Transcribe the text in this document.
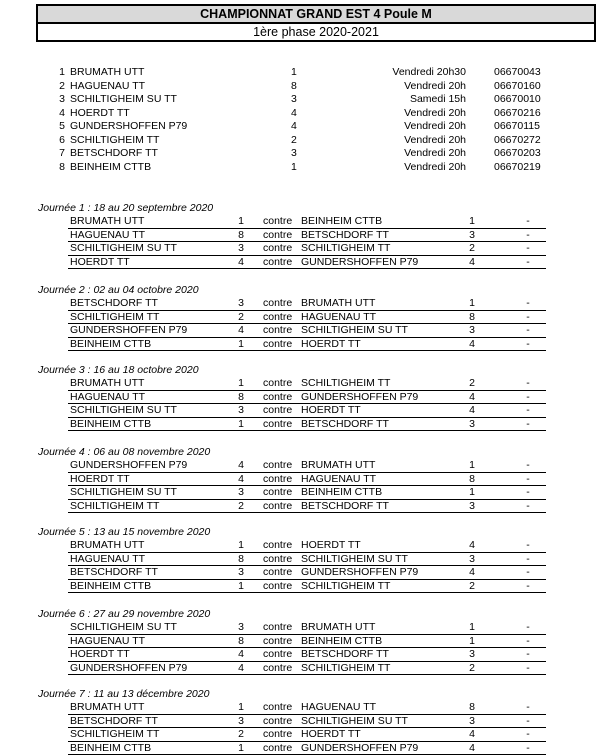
CHAMPIONNAT GRAND EST 4 Poule M
1ère phase 2020-2021
1 BRUMATH UTT	1	Vendredi 20h30	06670043
2 HAGUENAU TT	8	Vendredi 20h	06670160
3 SCHILTIGHEIM SU TT	3	Samedi 15h	06670010
4 HOERDT TT	4	Vendredi 20h	06670216
5 GUNDERSHOFFEN P79	4	Vendredi 20h	06670115
6 SCHILTIGHEIM TT	2	Vendredi 20h	06670272
7 BETSCHDORF TT	3	Vendredi 20h	06670203
8 BEINHEIM CTTB	1	Vendredi 20h	06670219
Journée 1 : 18 au 20 septembre 2020
BRUMATH UTT	1 contre BEINHEIM CTTB	1	-
HAGUENAU TT	8 contre BETSCHDORF TT	3	-
SCHILTIGHEIM SU TT	3 contre SCHILTIGHEIM TT	2	-
HOERDT TT	4 contre GUNDERSHOFFEN P79	4	-
Journée 2 : 02 au 04 octobre 2020
BETSCHDORF TT	3 contre BRUMATH UTT	1	-
SCHILTIGHEIM TT	2 contre HAGUENAU TT	8	-
GUNDERSHOFFEN P79	4 contre SCHILTIGHEIM SU TT	3	-
BEINHEIM CTTB	1 contre HOERDT TT	4	-
Journée 3 : 16 au 18 octobre 2020
BRUMATH UTT	1 contre SCHILTIGHEIM TT	2	-
HAGUENAU TT	8 contre GUNDERSHOFFEN P79	4	-
SCHILTIGHEIM SU TT	3 contre HOERDT TT	4	-
BEINHEIM CTTB	1 contre BETSCHDORF TT	3	-
Journée 4 : 06 au 08 novembre 2020
GUNDERSHOFFEN P79	4 contre BRUMATH UTT	1	-
HOERDT TT	4 contre HAGUENAU TT	8	-
SCHILTIGHEIM SU TT	3 contre BEINHEIM CTTB	1	-
SCHILTIGHEIM TT	2 contre BETSCHDORF TT	3	-
Journée 5 : 13 au 15 novembre 2020
BRUMATH UTT	1 contre HOERDT TT	4	-
HAGUENAU TT	8 contre SCHILTIGHEIM SU TT	3	-
BETSCHDORF TT	3 contre GUNDERSHOFFEN P79	4	-
BEINHEIM CTTB	1 contre SCHILTIGHEIM TT	2	-
Journée 6 : 27 au 29 novembre 2020
SCHILTIGHEIM SU TT	3 contre BRUMATH UTT	1	-
HAGUENAU TT	8 contre BEINHEIM CTTB	1	-
HOERDT TT	4 contre BETSCHDORF TT	3	-
GUNDERSHOFFEN P79	4 contre SCHILTIGHEIM TT	2	-
Journée 7 : 11 au 13 décembre 2020
BRUMATH UTT	1 contre HAGUENAU TT	8	-
BETSCHDORF TT	3 contre SCHILTIGHEIM SU TT	3	-
SCHILTIGHEIM TT	2 contre HOERDT TT	4	-
BEINHEIM CTTB	1 contre GUNDERSHOFFEN P79	4	-
